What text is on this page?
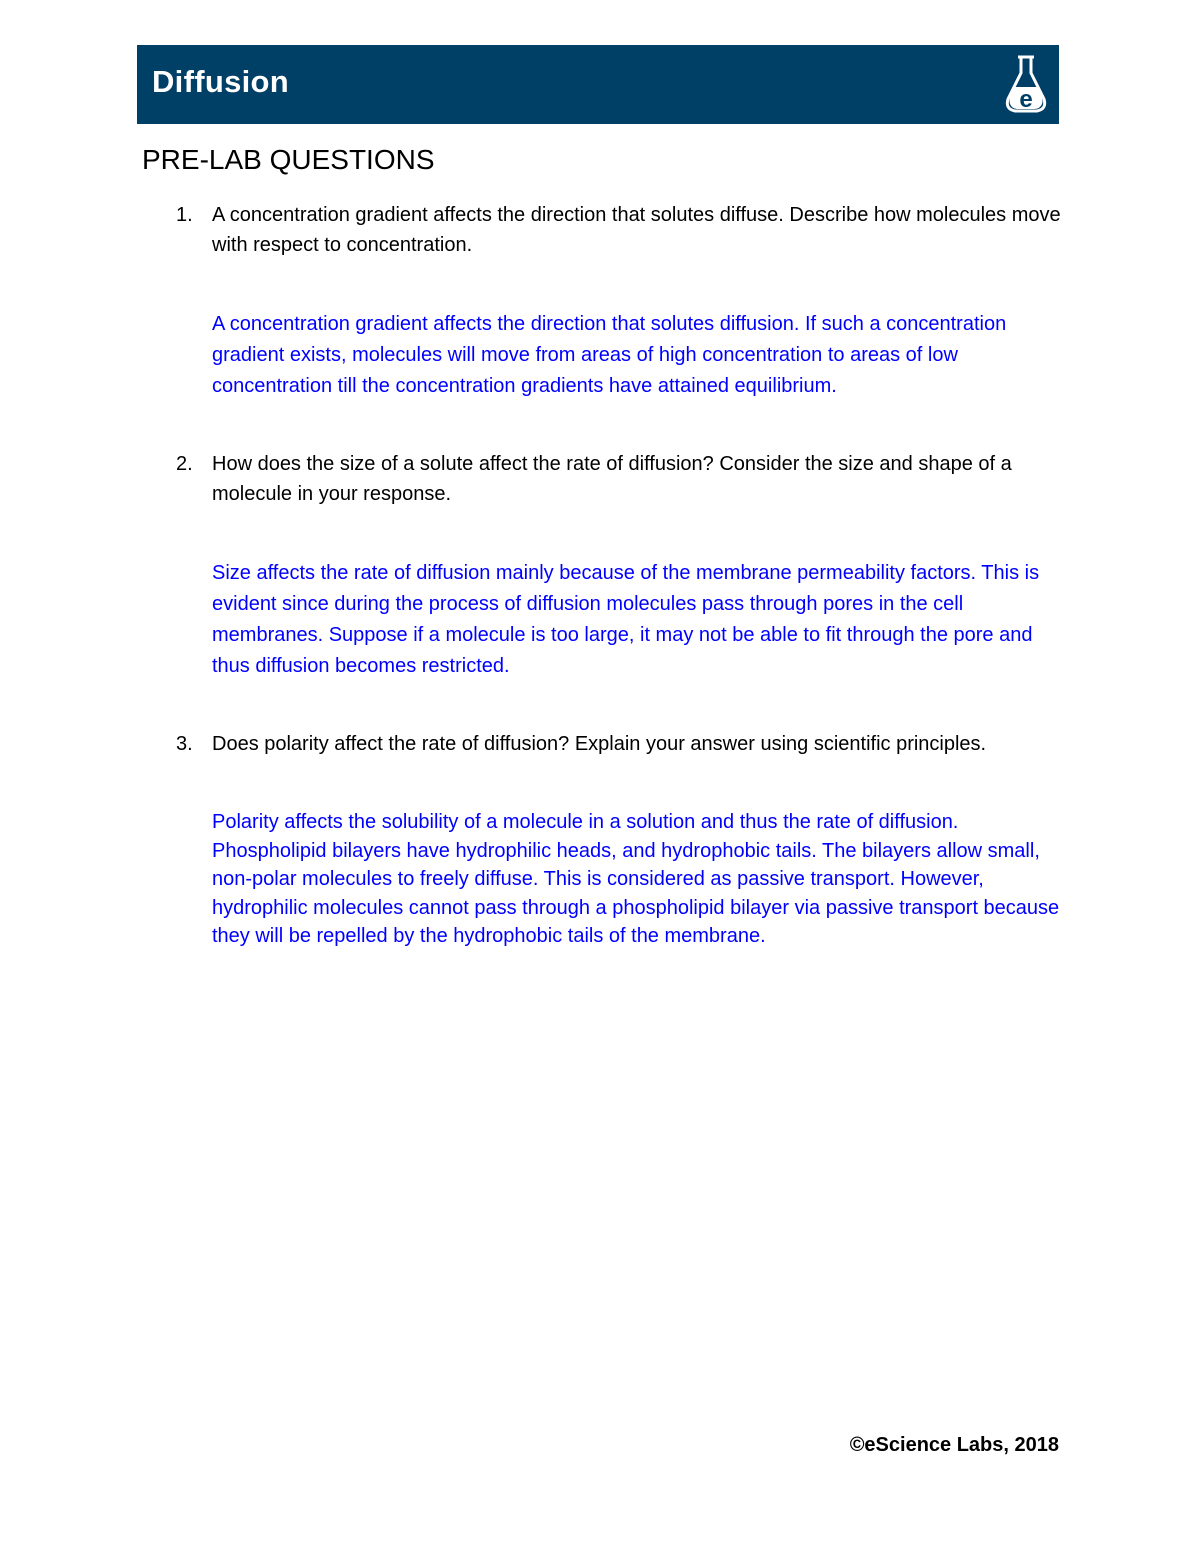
Diffusion
e
PRE-LAB QUESTIONS
1. A concentration gradient affects the direction that solutes diffuse. Describe how molecules move with respect to concentration.
A concentration gradient affects the direction that solutes diffusion. If such a concentration gradient exists, molecules will move from areas of high concentration to areas of low concentration till the concentration gradients have attained equilibrium.
2. How does the size of a solute affect the rate of diffusion? Consider the size and shape of a molecule in your response.
Size affects the rate of diffusion mainly because of the membrane permeability factors. This is evident since during the process of diffusion molecules pass through pores in the cell membranes. Suppose if a molecule is too large, it may not be able to fit through the pore and thus diffusion becomes restricted.
3. Does polarity affect the rate of diffusion? Explain your answer using scientific principles.
Polarity affects the solubility of a molecule in a solution and thus the rate of diffusion. Phospholipid bilayers have hydrophilic heads, and hydrophobic tails. The bilayers allow small, non-polar molecules to freely diffuse. This is considered as passive transport. However, hydrophilic molecules cannot pass through a phospholipid bilayer via passive transport because they will be repelled by the hydrophobic tails of the membrane.
©eScience Labs, 2018
